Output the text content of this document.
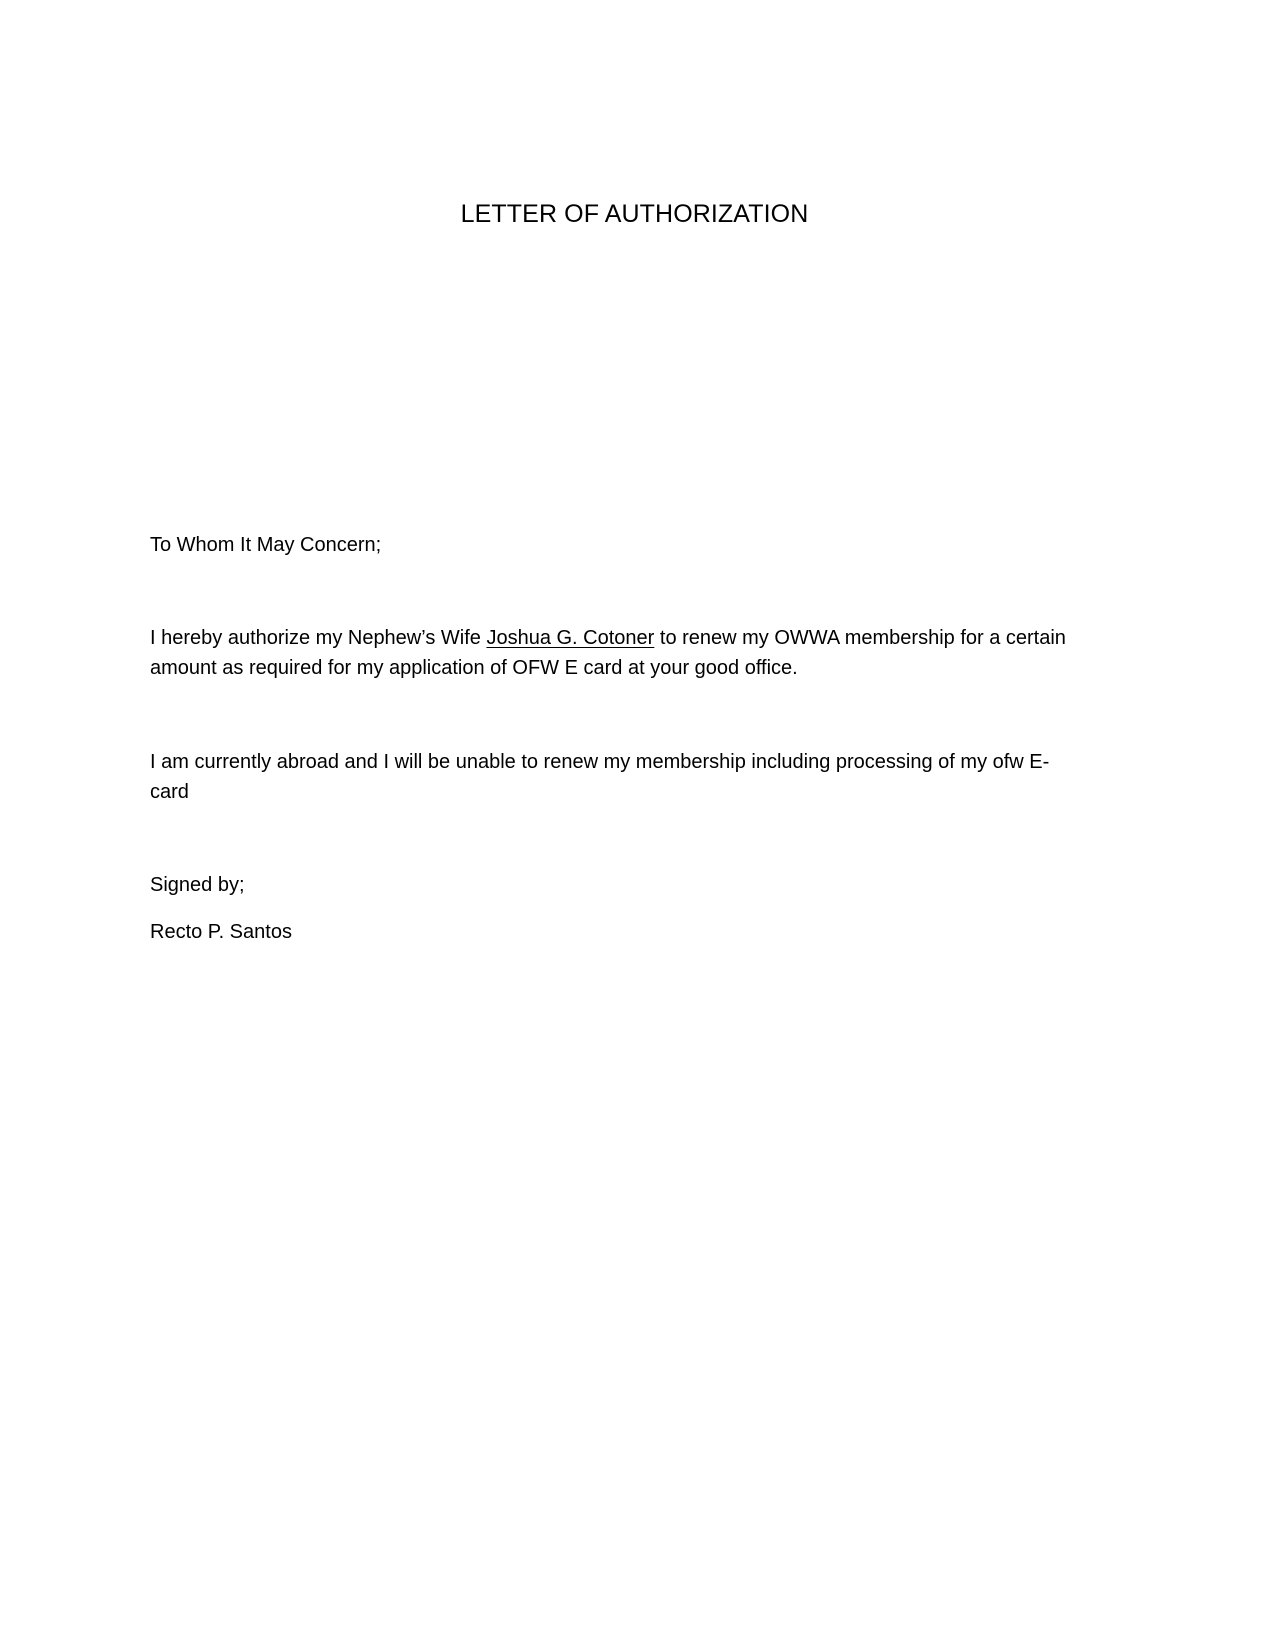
LETTER OF AUTHORIZATION

To Whom It May Concern;

I hereby authorize my Nephew’s Wife Joshua G. Cotoner to renew my OWWA membership for a certain
amount as required for my application of OFW E card at your good office.

I am currently abroad and I will be unable to renew my membership including processing of my ofw E-
card

Signed by;

Recto P. Santos
